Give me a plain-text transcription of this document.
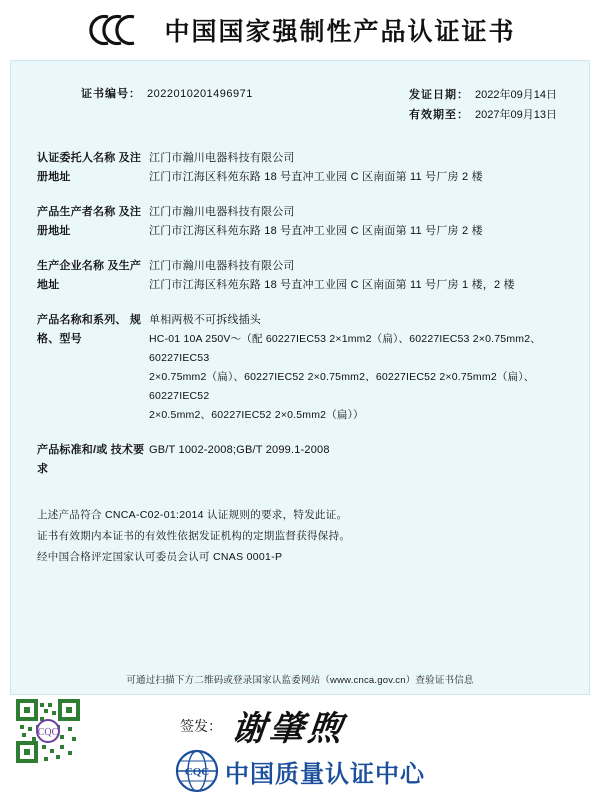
中国国家强制性产品认证证书
证书编号： 2022010201496971	发证日期： 2022年09月14日
有效期至： 2027年09月13日
认证委托人名称 及注册地址
江门市瀚川电器科技有限公司
江门市江海区科苑东路 18 号直冲工业园 C 区南面第 11 号厂房 2 楼
产品生产者名称 及注册地址
江门市瀚川电器科技有限公司
江门市江海区科苑东路 18 号直冲工业园 C 区南面第 11 号厂房 2 楼
生产企业名称 及生产地址
江门市瀚川电器科技有限公司
江门市江海区科苑东路 18 号直冲工业园 C 区南面第 11 号厂房 1 楼，2 楼
产品名称和系列、 规格、型号
单相两极不可拆线插头
HC-01 10A 250V～（配 60227IEC53 2×1mm2（扁）、60227IEC53 2×0.75mm2、60227IEC53
2×0.75mm2（扁）、60227IEC52 2×0.75mm2、60227IEC52 2×0.75mm2（扁）、60227IEC52
2×0.5mm2、60227IEC52 2×0.5mm2（扁））
产品标准和/或 技术要求
GB/T 1002-2008;GB/T 2099.1-2008
上述产品符合 CNCA-C02-01:2014 认证规则的要求，特发此证。
证书有效期内本证书的有效性依据发证机构的定期监督获得保持。
经中国合格评定国家认可委员会认可 CNAS 0001-P
可通过扫描下方二维码或登录国家认监委网站（www.cnca.gov.cn）查验证书信息
CQC	签发： 谢肇煦
CQC 中国质量认证中心
